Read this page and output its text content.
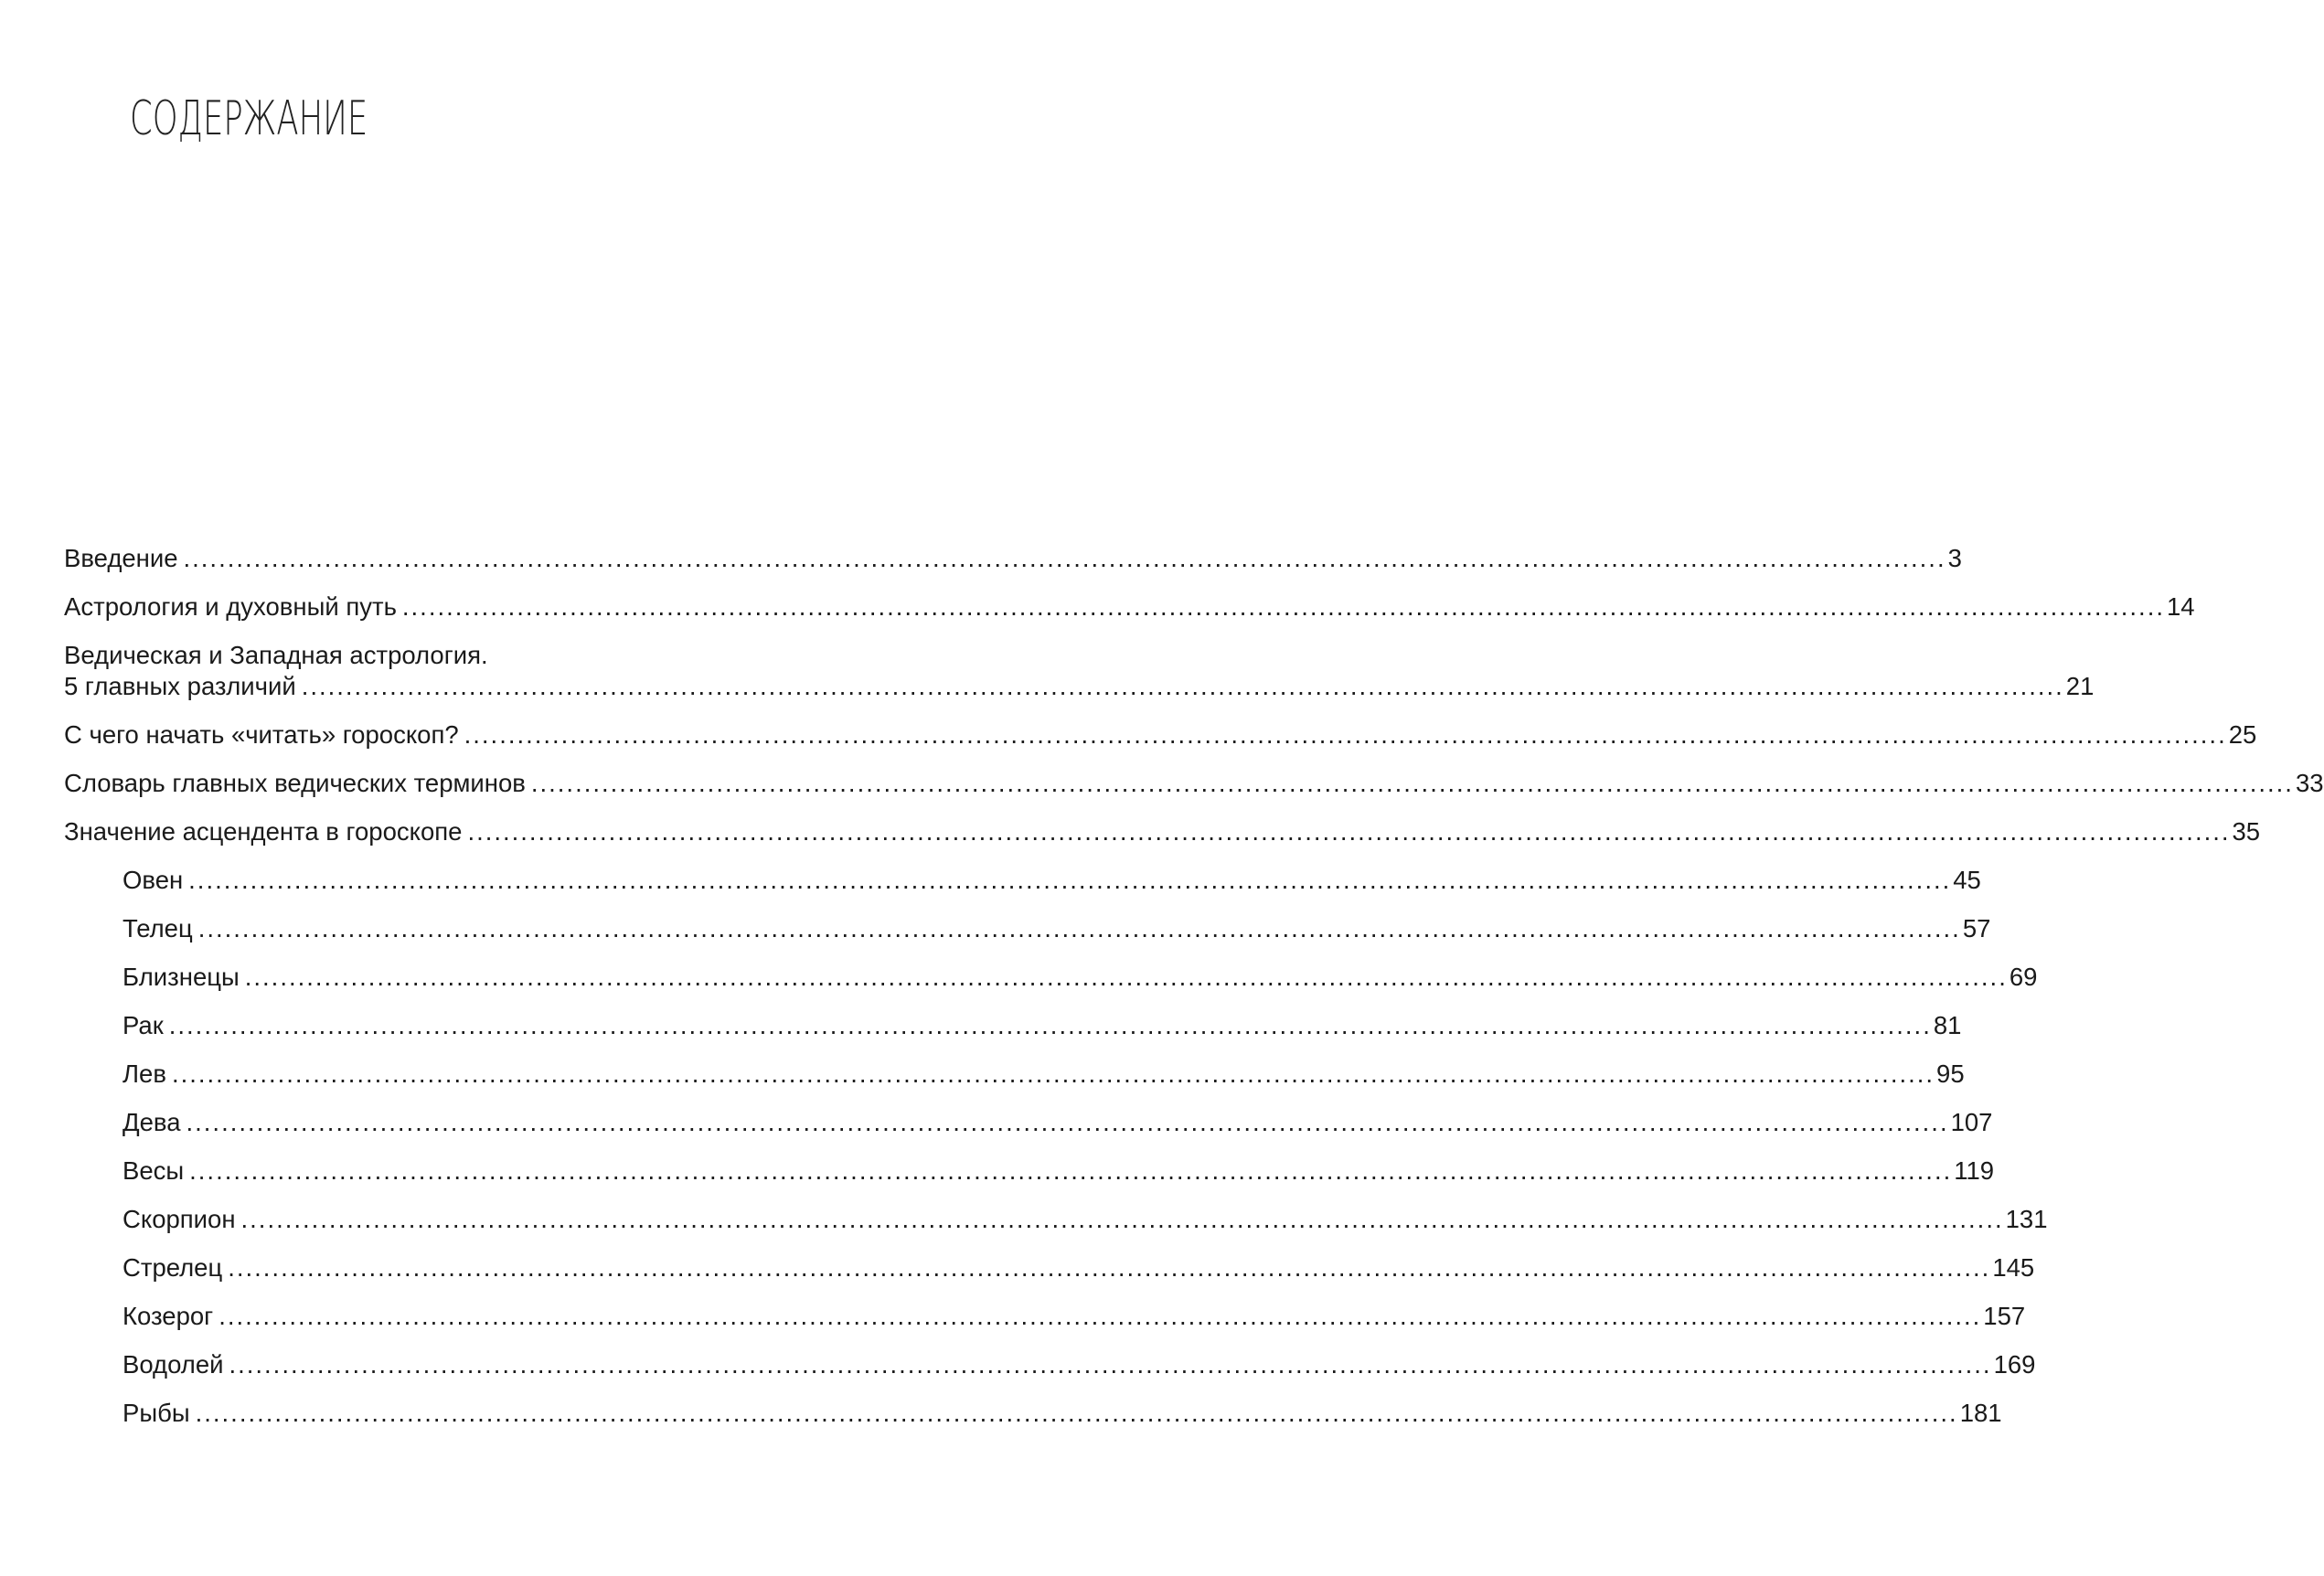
СОДЕРЖАНИЕ
Введение ........................................................................................................................................................................................................ 3
Астрология и духовный путь ........................................................................................................................................................................................................ 14
Ведическая и Западная астрология.
5 главных различий ........................................................................................................................................................................................................ 21
С чего начать «читать» гороскоп? ........................................................................................................................................................................................................ 25
Словарь главных ведических терминов ........................................................................................................................................................................................................ 33
Значение асцендента в гороскопе ........................................................................................................................................................................................................ 35
Овен ........................................................................................................................................................................................................ 45
Телец ........................................................................................................................................................................................................ 57
Близнецы ........................................................................................................................................................................................................ 69
Рак ........................................................................................................................................................................................................ 81
Лев ........................................................................................................................................................................................................ 95
Дева ........................................................................................................................................................................................................ 107
Весы ........................................................................................................................................................................................................ 119
Скорпион ........................................................................................................................................................................................................ 131
Стрелец ........................................................................................................................................................................................................ 145
Козерог ........................................................................................................................................................................................................ 157
Водолей ........................................................................................................................................................................................................ 169
Рыбы ........................................................................................................................................................................................................ 181
